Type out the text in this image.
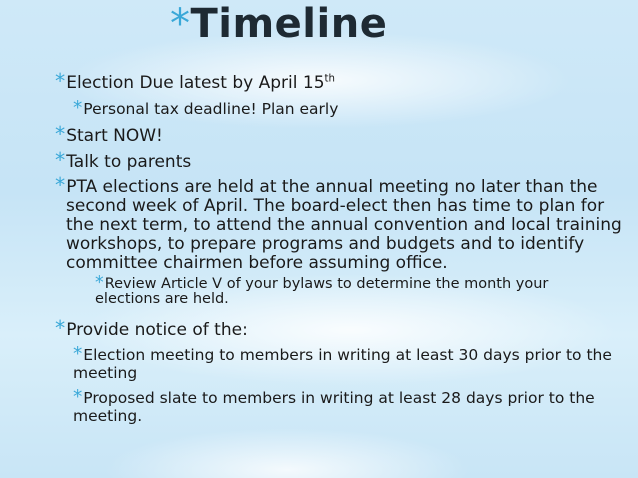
*Timeline
*Election Due latest by April 15th
*Personal tax deadline! Plan early
*Start NOW!
*Talk to parents
*PTA elections are held at the annual meeting no later than the second week of April. The board-elect then has time to plan for the next term, to attend the annual convention and local training workshops, to prepare programs and budgets and to identify committee chairmen before assuming office.
*Review Article V of your bylaws to determine the month your elections are held.
*Provide notice of the:
*Election meeting to members in writing at least 30 days prior to the meeting
*Proposed slate to members in writing at least 28 days prior to the meeting.
